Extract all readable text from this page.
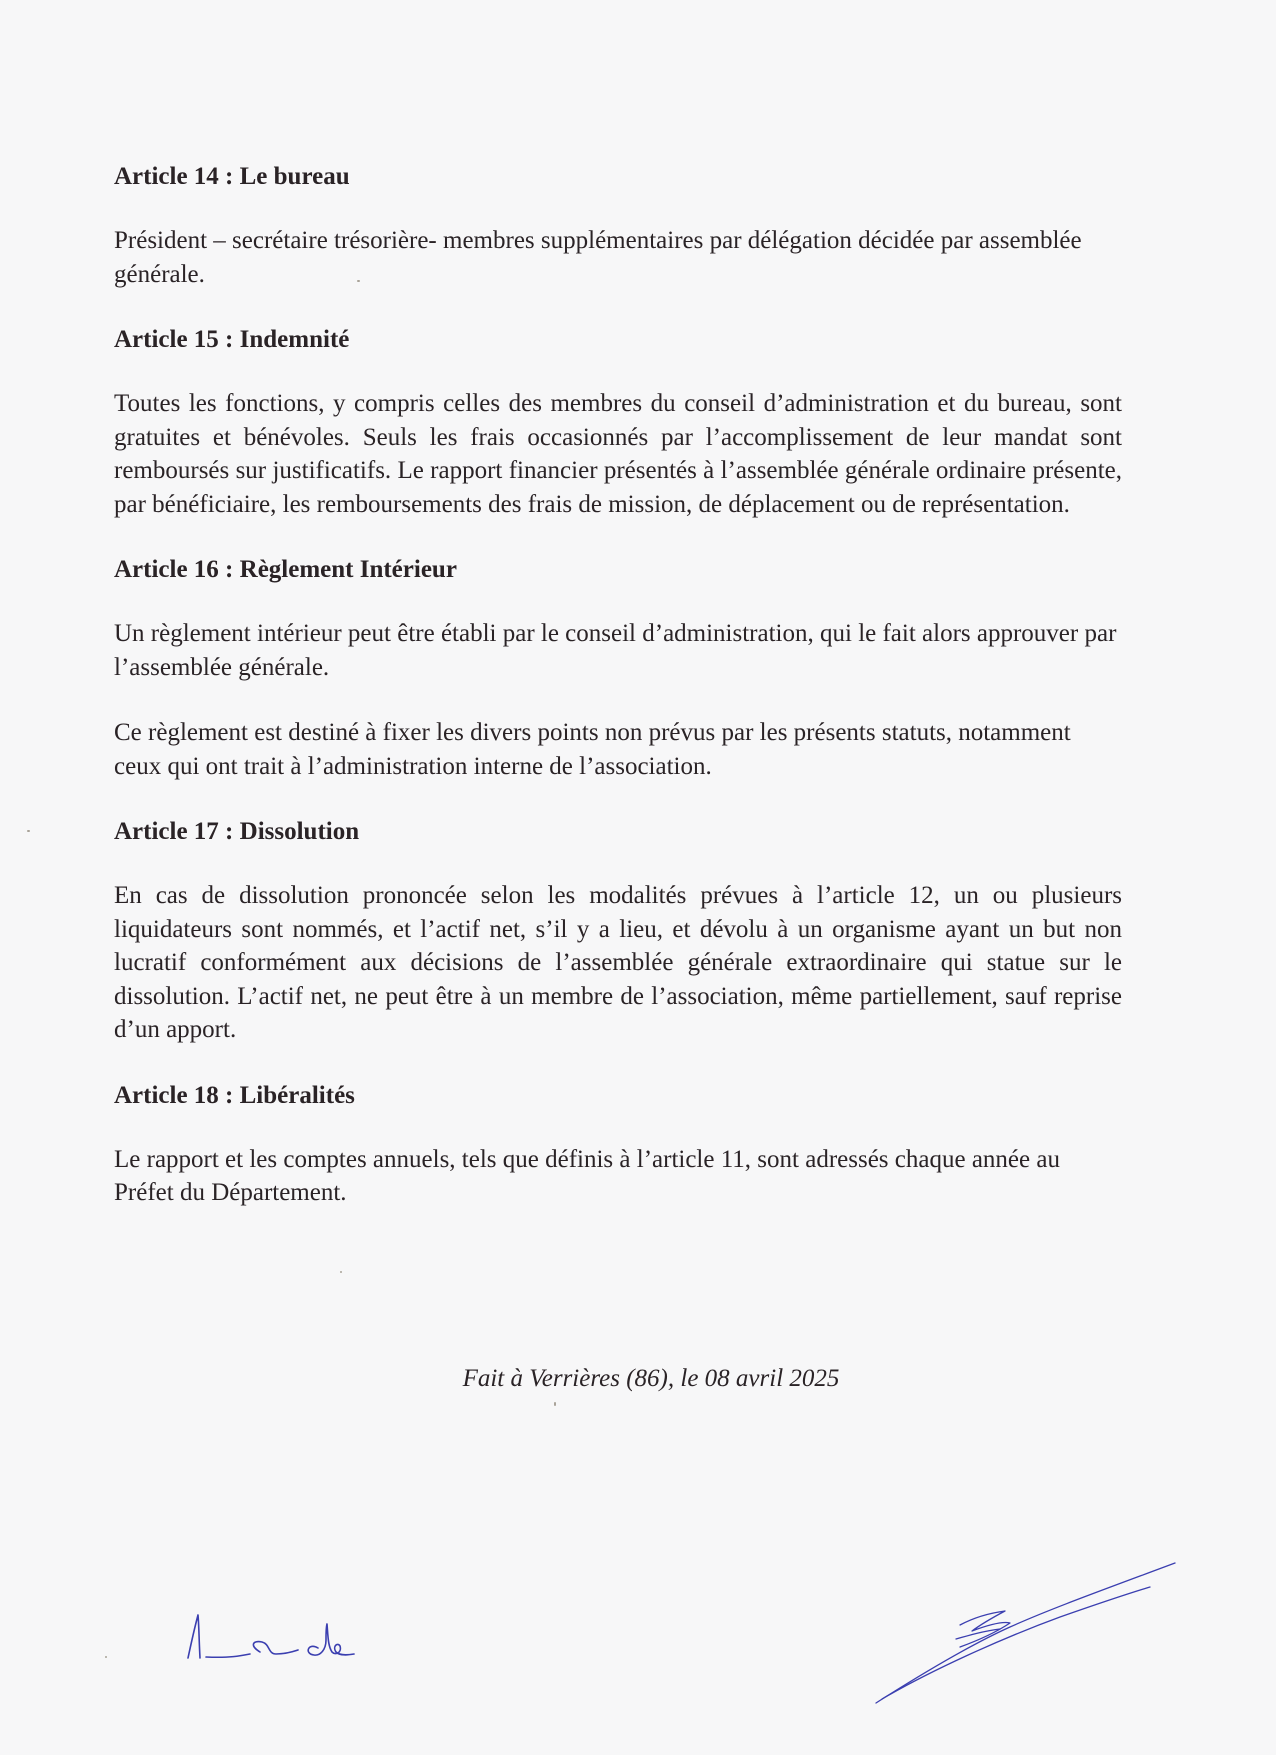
Article 14 : Le bureau

Président – secrétaire trésorière- membres supplémentaires par délégation décidée par assemblée générale.

Article 15 : Indemnité

Toutes les fonctions, y compris celles des membres du conseil d’administration et du bureau, sont gratuites et bénévoles. Seuls les frais occasionnés par l’accomplissement de leur mandat sont remboursés sur justificatifs. Le rapport financier présentés à l’assemblée générale ordinaire présente, par bénéficiaire, les remboursements des frais de mission, de déplacement ou de représentation.

Article 16 : Règlement Intérieur

Un règlement intérieur peut être établi par le conseil d’administration, qui le fait alors approuver par l’assemblée générale.

Ce règlement est destiné à fixer les divers points non prévus par les présents statuts, notamment ceux qui ont trait à l’administration interne de l’association.

Article 17 : Dissolution

En cas de dissolution prononcée selon les modalités prévues à l’article 12, un ou plusieurs liquidateurs sont nommés, et l’actif net, s’il y a lieu, et dévolu à un organisme ayant un but non lucratif conformément aux décisions de l’assemblée générale extraordinaire qui statue sur le dissolution. L’actif net, ne peut être à un membre de l’association, même partiellement, sauf reprise d’un apport.

Article 18 : Libéralités

Le rapport et les comptes annuels, tels que définis à l’article 11, sont adressés chaque année au Préfet du Département.

Fait à Verrières (86), le 08 avril 2025
